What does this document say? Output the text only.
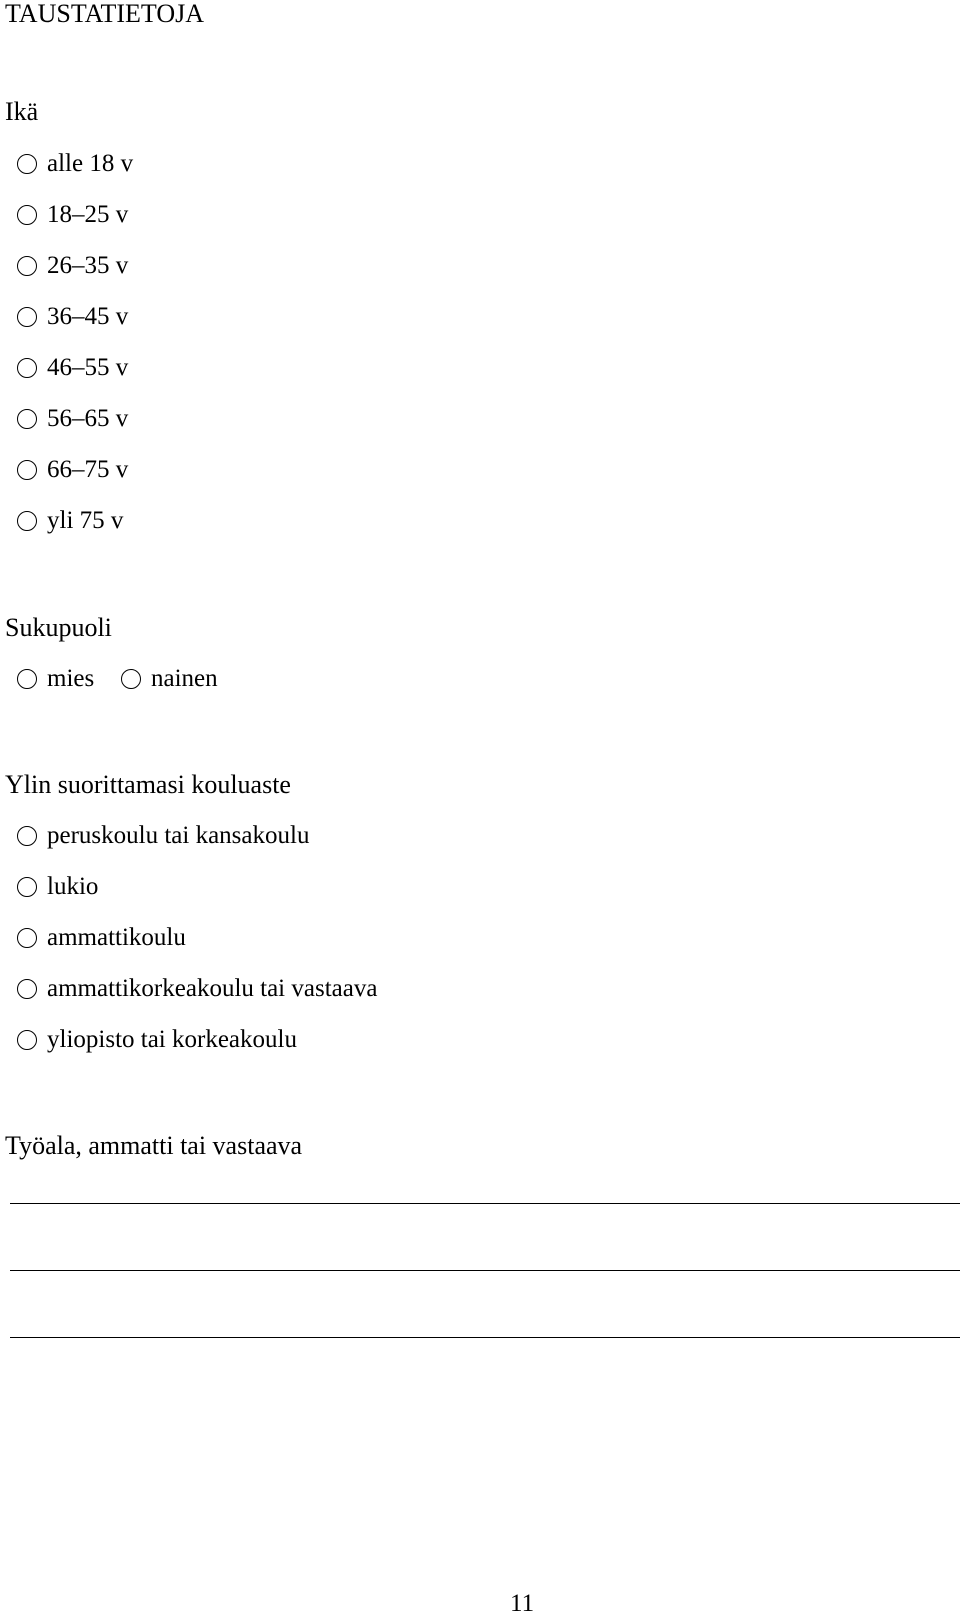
TAUSTATIETOJA
Ikä
alle 18 v
18–25 v
26–35 v
36–45 v
46–55 v
56–65 v
66–75 v
yli 75 v
Sukupuoli
mies nainen
Ylin suorittamasi kouluaste
peruskoulu tai kansakoulu
lukio
ammattikoulu
ammattikorkeakoulu tai vastaava
yliopisto tai korkeakoulu
Työala, ammatti tai vastaava
11
